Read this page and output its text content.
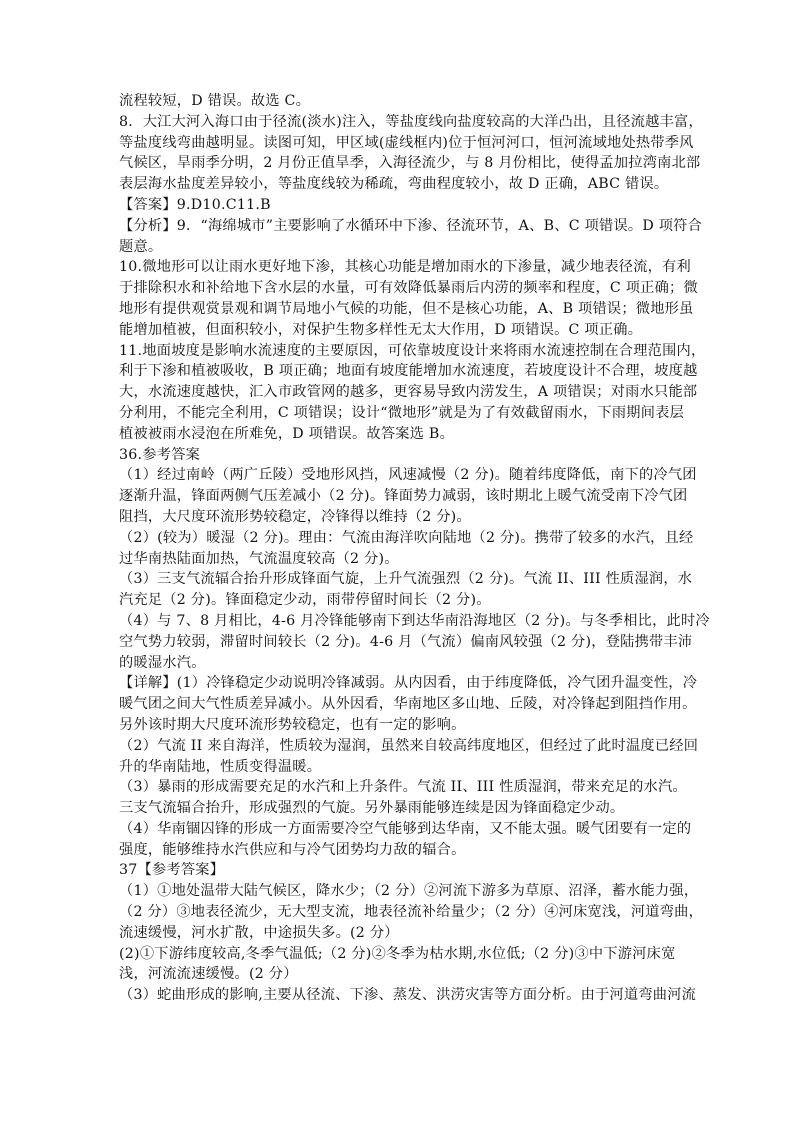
流程较短，D 错误。故选 C。
8．大江大河入海口由于径流(淡水)注入，等盐度线向盐度较高的大洋凸出，且径流越丰富，
等盐度线弯曲越明显。读图可知，甲区域(虚线框内)位于恒河河口，恒河流域地处热带季风
气候区，旱雨季分明，2 月份正值旱季，入海径流少，与 8 月份相比，使得孟加拉湾南北部
表层海水盐度差异较小，等盐度线较为稀疏，弯曲程度较小，故 D 正确，ABC 错误。
【答案】9.D10.C11.B
【分析】9．“海绵城市”主要影响了水循环中下渗、径流环节，A、B、C 项错误。D 项符合
题意。
10.微地形可以让雨水更好地下渗，其核心功能是增加雨水的下渗量，减少地表径流，有利
于排除积水和补给地下含水层的水量，可有效降低暴雨后内涝的频率和程度，C 项正确；微
地形有提供观赏景观和调节局地小气候的功能，但不是核心功能，A、B 项错误；微地形虽
能增加植被，但面积较小，对保护生物多样性无太大作用，D 项错误。C 项正确。
11.地面坡度是影响水流速度的主要原因，可依靠坡度设计来将雨水流速控制在合理范围内，
利于下渗和植被吸收，B 项正确；地面有坡度能增加水流速度，若坡度设计不合理，坡度越
大，水流速度越快，汇入市政管网的越多，更容易导致内涝发生，A 项错误；对雨水只能部
分利用，不能完全利用，C 项错误；设计“微地形”就是为了有效截留雨水，下雨期间表层
植被被雨水浸泡在所难免，D 项错误。故答案选 B。
36.参考答案
（1）经过南岭（两广丘陵）受地形风挡，风速减慢（2 分)。随着纬度降低，南下的冷气团
逐渐升温，锋面两侧气压差减小（2 分)。锋面势力减弱，该时期北上暖气流受南下冷气团
阻挡，大尺度环流形势较稳定，冷锋得以维持（2 分)。
（2）(较为）暖湿（2 分)。理由：气流由海洋吹向陆地（2 分)。携带了较多的水汽，且经
过华南热陆面加热，气流温度较高（2 分)。
（3）三支气流辐合抬升形成锋面气旋，上升气流强烈（2 分)。气流 II、III 性质湿润，水
汽充足（2 分)。锋面稳定少动，雨带停留时间长（2 分)。
（4）与 7、8 月相比，4-6 月冷锋能够南下到达华南沿海地区（2 分)。与冬季相比，此时冷
空气势力较弱，滞留时间较长（2 分)。4-6 月（气流）偏南风较强（2 分)，登陆携带丰沛
的暖湿水汽。
【详解】(1）冷锋稳定少动说明冷锋减弱。从内因看，由于纬度降低，冷气团升温变性，冷
暖气团之间大气性质差异减小。从外因看，华南地区多山地、丘陵，对冷锋起到阻挡作用。
另外该时期大尺度环流形势较稳定，也有一定的影响。
（2）气流 II 来自海洋，性质较为湿润，虽然来自较高纬度地区，但经过了此时温度已经回
升的华南陆地，性质变得温暖。
（3）暴雨的形成需要充足的水汽和上升条件。气流 II、III 性质湿润，带来充足的水汽。
三支气流辐合抬升，形成强烈的气旋。另外暴雨能够连续是因为锋面稳定少动。
（4）华南锢囚锋的形成一方面需要冷空气能够到达华南，又不能太强。暖气团要有一定的
强度，能够维持水汽供应和与冷气团势均力敌的辐合。
37【参考答案】
（1）①地处温带大陆气候区，降水少；（2 分）②河流下游多为草原、沼泽，蓄水能力强，
（2 分）③地表径流少，无大型支流，地表径流补给量少；（2 分）④河床宽浅，河道弯曲，
流速缓慢，河水扩散，中途损失多。(2 分）
(2)①下游纬度较高,冬季气温低;（2 分)②冬季为枯水期,水位低;（2 分)③中下游河床宽
浅，河流流速缓慢。(2 分）
（3）蛇曲形成的影响,主要从径流、下渗、蒸发、洪涝灾害等方面分析。由于河道弯曲河流
